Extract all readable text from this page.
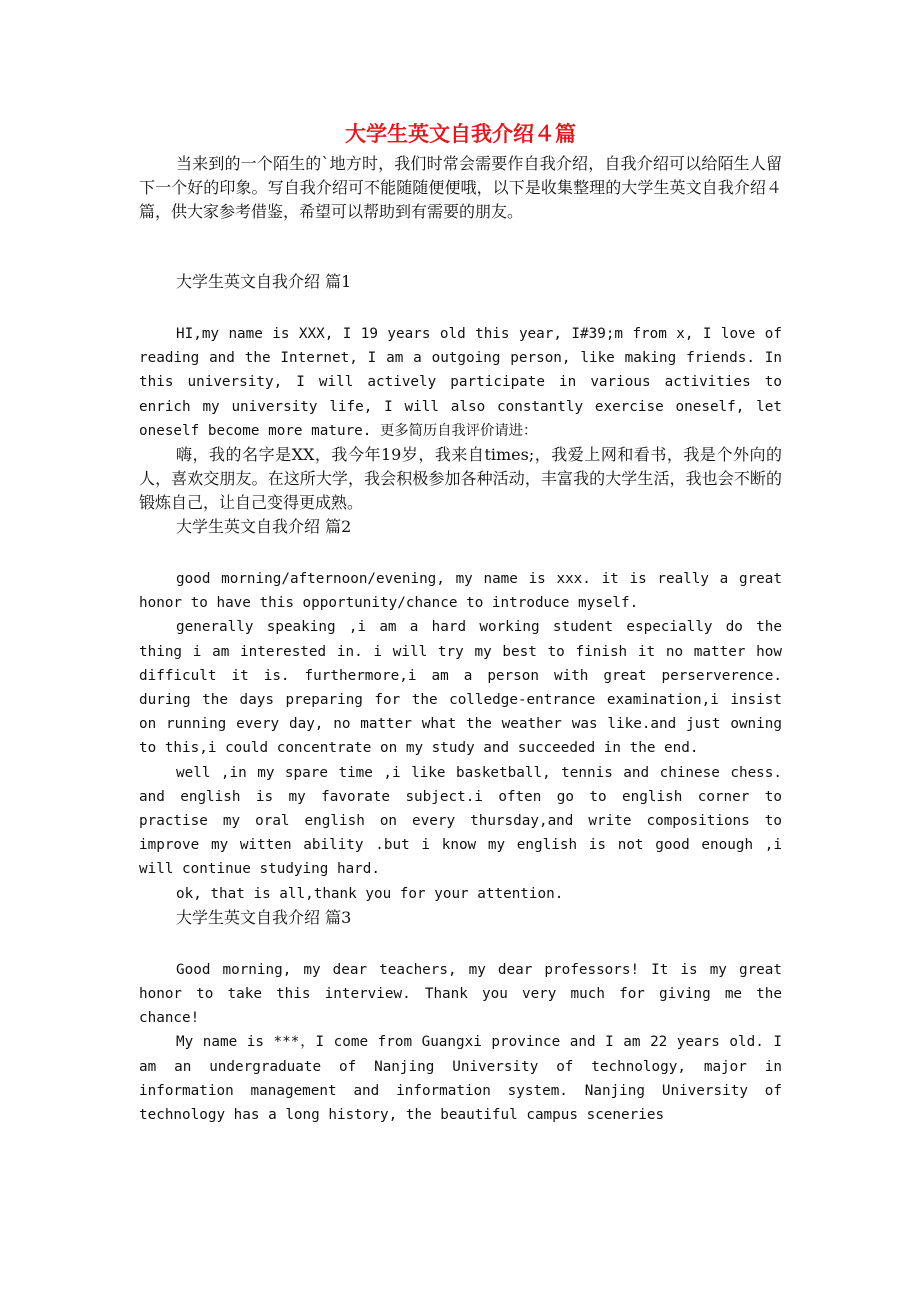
大学生英文自我介绍４篇

当来到的一个陌生的`地方时，我们时常会需要作自我介绍，自我介绍可以给陌生人留下一个好的印象。写自我介绍可不能随随便便哦，以下是收集整理的大学生英文自我介绍４篇，供大家参考借鉴，希望可以帮助到有需要的朋友。

大学生英文自我介绍 篇1

HI,my name is XXX, I 19 years old this year, I#39;m from x, I love of reading and the Internet, I am a outgoing person, like making friends. In this university, I will actively participate in various activities to enrich my university life, I will also constantly exercise oneself, let oneself become more mature. 更多简历自我评价请进：

嗨，我的名字是XX，我今年19岁，我来自times;，我爱上网和看书，我是个外向的人，喜欢交朋友。在这所大学，我会积极参加各种活动，丰富我的大学生活，我也会不断的锻炼自己，让自己变得更成熟。

大学生英文自我介绍 篇2

good morning/afternoon/evening, my name is xxx. it is really a great honor to have this opportunity/chance to introduce myself.

generally speaking ,i am a hard working student especially do the thing i am interested in. i will try my best to finish it no matter how difficult it is. furthermore,i am a person with great perserverence. during the days preparing for the colledge-entrance examination,i insist on running every day, no matter what the weather was like.and just owning to this,i could concentrate on my study and succeeded in the end.

well ,in my spare time ,i like basketball, tennis and chinese chess. and english is my favorate subject.i often go to english corner to practise my oral english on every thursday,and write compositions to improve my witten ability .but i know my english is not good enough ,i will continue studying hard.

ok, that is all,thank you for your attention.

大学生英文自我介绍 篇3

Good morning, my dear teachers, my dear professors! It is my great honor to take this interview. Thank you very much for giving me the chance!

My name is ***，I come from Guangxi province and I am 22 years old. I am an undergraduate of Nanjing University of technology, major in information management and information system. Nanjing University of technology has a long history, the beautiful campus sceneries
